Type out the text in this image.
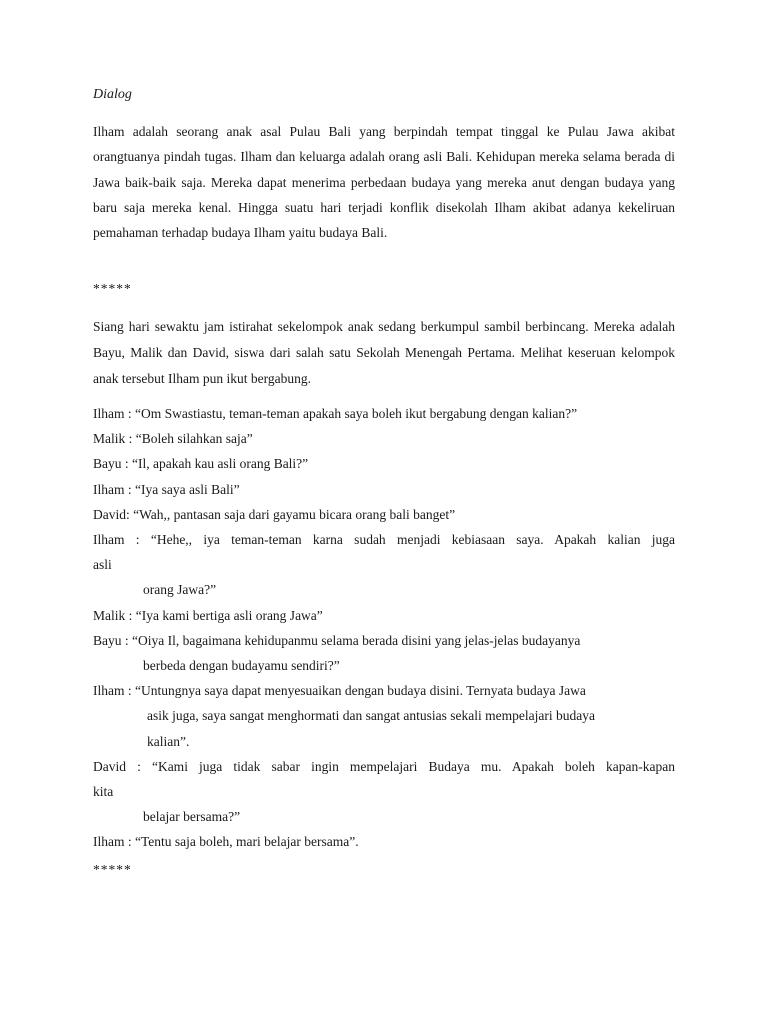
Dialog

Ilham adalah seorang anak asal Pulau Bali yang berpindah tempat tinggal ke Pulau Jawa akibat orangtuanya pindah tugas. Ilham dan keluarga adalah orang asli Bali. Kehidupan mereka selama berada di Jawa baik-baik saja. Mereka dapat menerima perbedaan budaya yang mereka anut dengan budaya yang baru saja mereka kenal. Hingga suatu hari terjadi konflik disekolah Ilham akibat adanya kekeliruan pemahaman terhadap budaya Ilham yaitu budaya Bali.

*****

Siang hari sewaktu jam istirahat sekelompok anak sedang berkumpul sambil berbincang. Mereka adalah Bayu, Malik dan David, siswa dari salah satu Sekolah Menengah Pertama. Melihat keseruan kelompok anak tersebut Ilham pun ikut bergabung.

Ilham : “Om Swastiastu, teman-teman apakah saya boleh ikut bergabung dengan kalian?”
Malik : “Boleh silahkan saja”
Bayu : “Il, apakah kau asli orang Bali?”
Ilham : “Iya saya asli Bali”
David: “Wah,, pantasan saja dari gayamu bicara orang bali banget”
Ilham : “Hehe,, iya teman-teman karna sudah menjadi kebiasaan saya. Apakah kalian juga
asli
orang Jawa?”
Malik : “Iya kami bertiga asli orang Jawa”
Bayu : “Oiya Il, bagaimana kehidupanmu selama berada disini yang jelas-jelas budayanya
berbeda dengan budayamu sendiri?”
Ilham : “Untungnya saya dapat menyesuaikan dengan budaya disini. Ternyata budaya Jawa
asik juga, saya sangat menghormati dan sangat antusias sekali mempelajari budaya
kalian”.
David : “Kami juga tidak sabar ingin mempelajari Budaya mu. Apakah boleh kapan-kapan
kita
belajar bersama?”
Ilham : “Tentu saja boleh, mari belajar bersama”.
*****
